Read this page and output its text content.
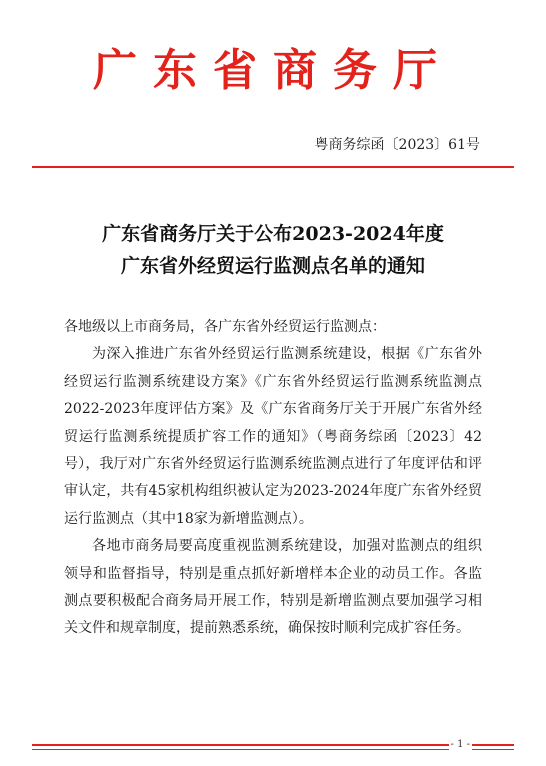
广东省商务厅
粤商务综函〔2023〕61号
广东省商务厅关于公布2023-2024年度
广东省外经贸运行监测点名单的通知

各地级以上市商务局，各广东省外经贸运行监测点：

为深入推进广东省外经贸运行监测系统建设，根据《广东省外经贸运行监测系统建设方案》《广东省外经贸运行监测系统监测点2022-2023年度评估方案》及《广东省商务厅关于开展广东省外经贸运行监测系统提质扩容工作的通知》（粤商务综函〔2023〕42号），我厅对广东省外经贸运行监测系统监测点进行了年度评估和评审认定，共有45家机构组织被认定为2023-2024年度广东省外经贸运行监测点（其中18家为新增监测点）。

各地市商务局要高度重视监测系统建设，加强对监测点的组织领导和监督指导，特别是重点抓好新增样本企业的动员工作。各监测点要积极配合商务局开展工作，特别是新增监测点要加强学习相关文件和规章制度，提前熟悉系统，确保按时顺利完成扩容任务。

- 1 -
